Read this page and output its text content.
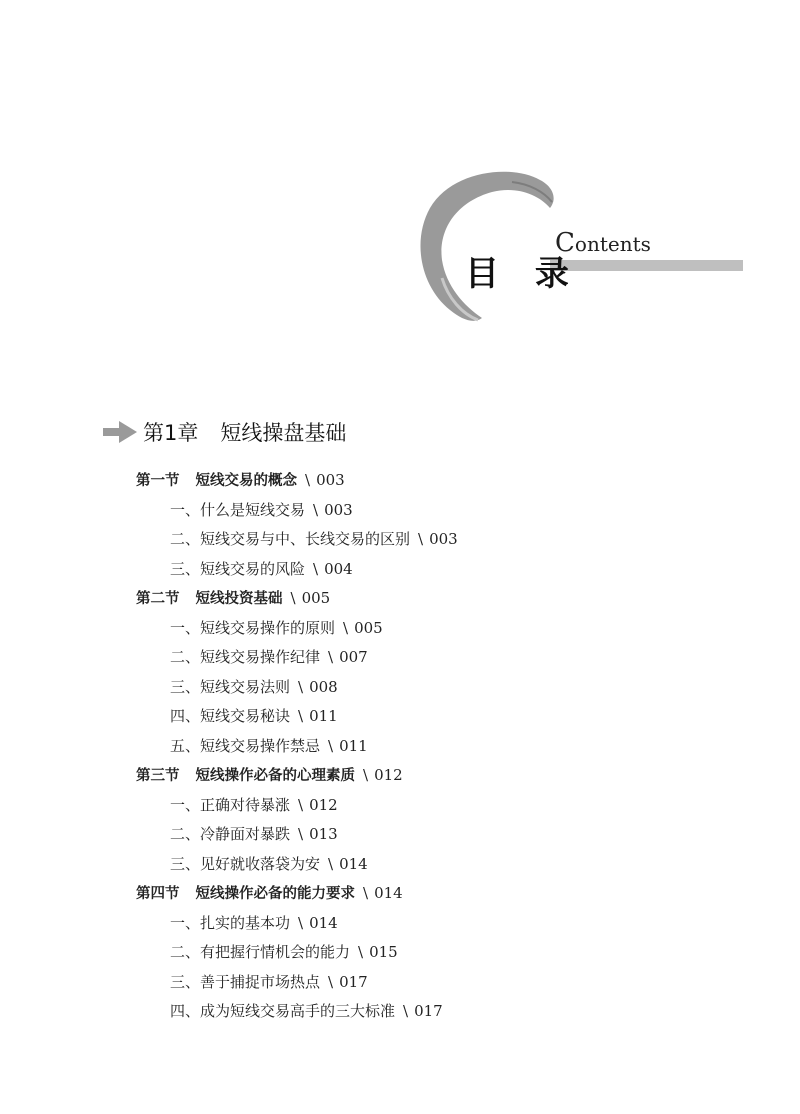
Contents
目 录
第1章 短线操盘基础
第一节 短线交易的概念 \ 003
一、什么是短线交易 \ 003
二、短线交易与中、长线交易的区别 \ 003
三、短线交易的风险 \ 004
第二节 短线投资基础 \ 005
一、短线交易操作的原则 \ 005
二、短线交易操作纪律 \ 007
三、短线交易法则 \ 008
四、短线交易秘诀 \ 011
五、短线交易操作禁忌 \ 011
第三节 短线操作必备的心理素质 \ 012
一、正确对待暴涨 \ 012
二、冷静面对暴跌 \ 013
三、见好就收落袋为安 \ 014
第四节 短线操作必备的能力要求 \ 014
一、扎实的基本功 \ 014
二、有把握行情机会的能力 \ 015
三、善于捕捉市场热点 \ 017
四、成为短线交易高手的三大标准 \ 017
